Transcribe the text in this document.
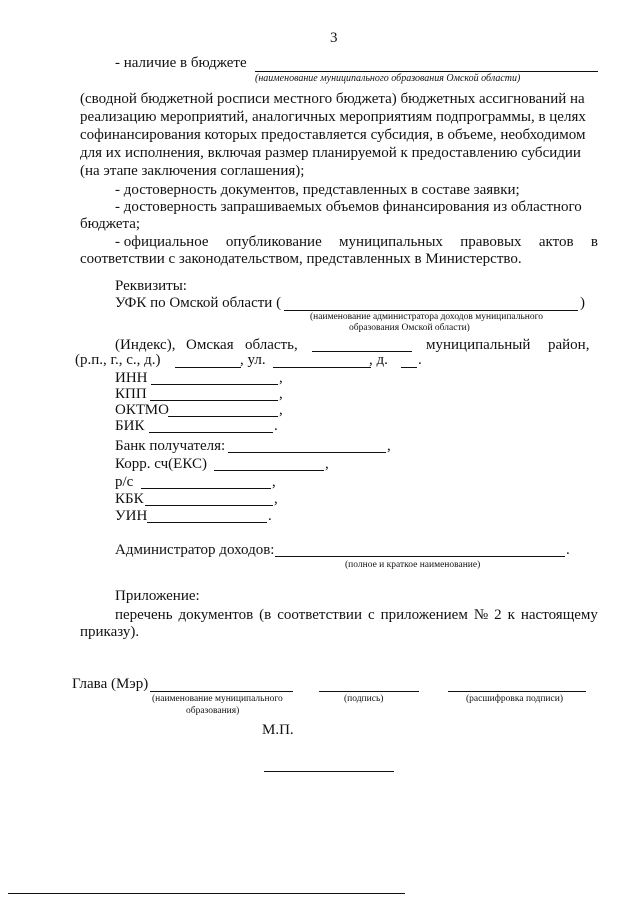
3
- наличие в бюджете
(наименование муниципального образования Омской области)
(сводной бюджетной росписи местного бюджета) бюджетных ассигнований на
реализацию мероприятий, аналогичных мероприятиям подпрограммы, в целях
софинансирования которых предоставляется субсидия, в объеме, необходимом
для их исполнения, включая размер планируемой к предоставлению субсидии
(на этапе заключения соглашения);
- достоверность документов, представленных в составе заявки;
- достоверность запрашиваемых объемов финансирования из областного
бюджета;
- официальное опубликование муниципальных правовых актов в
соответствии с законодательством, представленных в Министерство.
Реквизиты:
УФК по Омской области (	)
(наименование администратора доходов муниципального
образования Омской области)
(Индекс), Омская область,	муниципальный район,
(р.п., г., с., д.)	, ул.	, д. .
ИНН	,
КПП	,
ОКТМО	,
БИК	.
Банк получателя:	,
Корр. сч(ЕКС)	,
р/с	,
КБК	,
УИН	.
Администратор доходов:	.
(полное и краткое наименование)
Приложение:
перечень документов (в соответствии с приложением № 2 к настоящему
приказу).
Глава (Мэр)
(наименование муниципального
образования)
(подпись)	(расшифровка подписи)
М.П.
